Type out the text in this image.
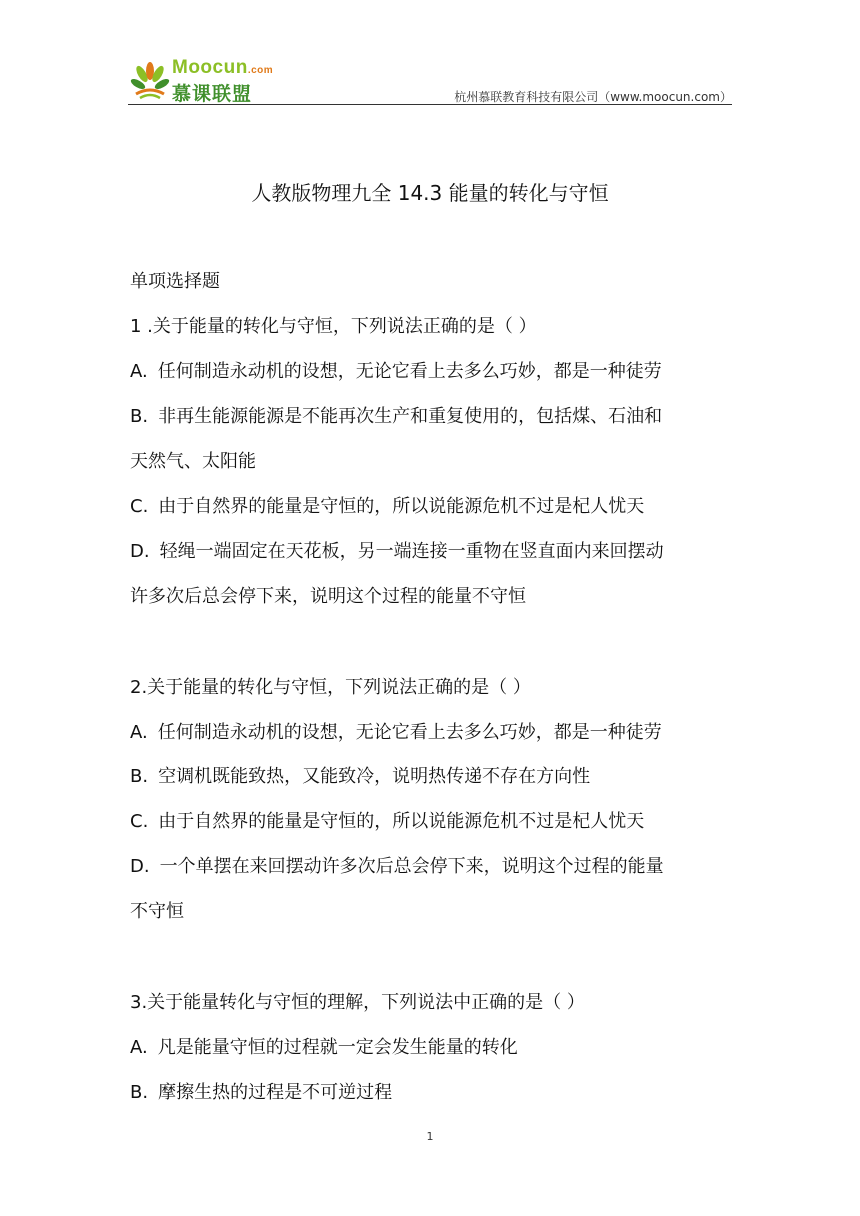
Moocun.com
慕课联盟	杭州慕联教育科技有限公司（www.moocun.com）
人教版物理九全 14.3 能量的转化与守恒
单项选择题
1 .关于能量的转化与守恒，下列说法正确的是（ ）
A. 任何制造永动机的设想，无论它看上去多么巧妙，都是一种徒劳
B. 非再生能源能源是不能再次生产和重复使用的，包括煤、石油和
天然气、太阳能
C. 由于自然界的能量是守恒的，所以说能源危机不过是杞人忧天
D. 轻绳一端固定在天花板，另一端连接一重物在竖直面内来回摆动
许多次后总会停下来，说明这个过程的能量不守恒
2.关于能量的转化与守恒，下列说法正确的是（ ）
A. 任何制造永动机的设想，无论它看上去多么巧妙，都是一种徒劳
B. 空调机既能致热，又能致冷，说明热传递不存在方向性
C. 由于自然界的能量是守恒的，所以说能源危机不过是杞人忧天
D. 一个单摆在来回摆动许多次后总会停下来，说明这个过程的能量
不守恒
3.关于能量转化与守恒的理解，下列说法中正确的是（ ）
A. 凡是能量守恒的过程就一定会发生能量的转化
B. 摩擦生热的过程是不可逆过程
1
